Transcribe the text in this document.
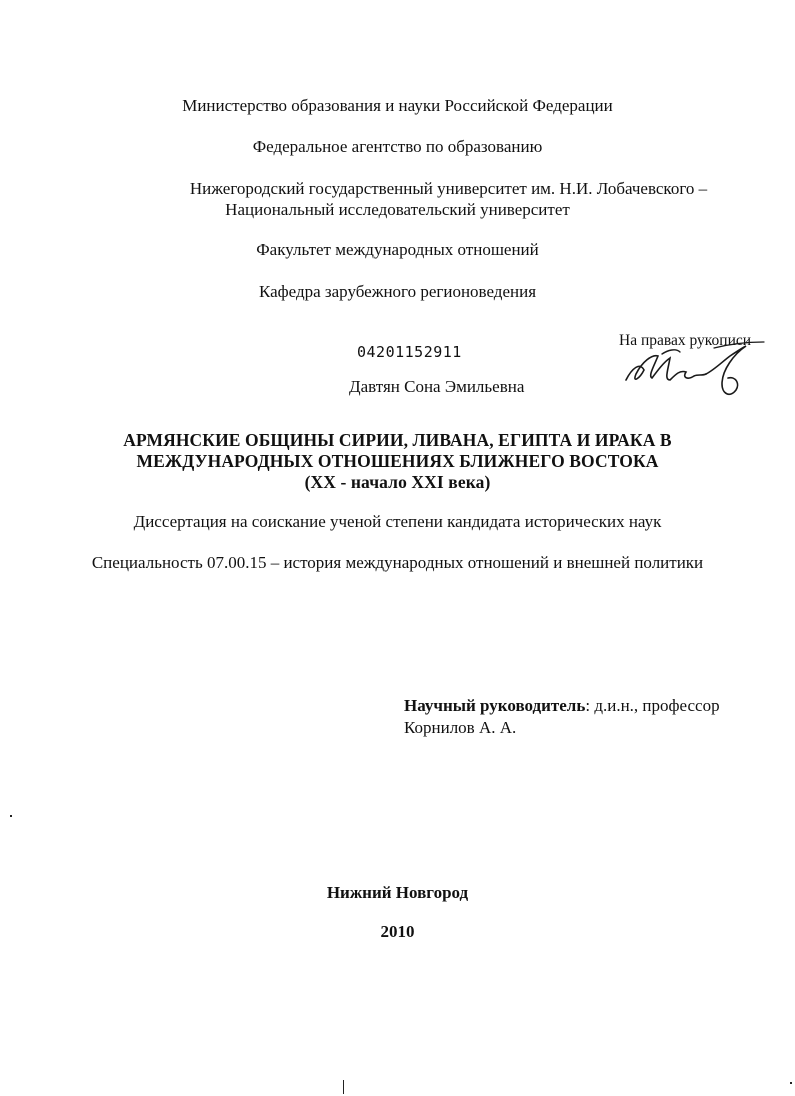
Министерство образования и науки Российской Федерации
Федеральное агентство по образованию
Нижегородский государственный университет им. Н.И. Лобачевского –
Национальный исследовательский университет
Факультет международных отношений
Кафедра зарубежного регионоведения
На правах рукописи
04201152911
Давтян Сона Эмильевна
АРМЯНСКИЕ ОБЩИНЫ СИРИИ, ЛИВАНА, ЕГИПТА И ИРАКА В
МЕЖДУНАРОДНЫХ ОТНОШЕНИЯХ БЛИЖНЕГО ВОСТОКА
(ХХ - начало XXI века)
Диссертация на соискание ученой степени кандидата исторических наук
Специальность 07.00.15 – история международных отношений и внешней политики
Научный руководитель: д.и.н., профессор
Корнилов А. А.
Нижний Новгород
2010
